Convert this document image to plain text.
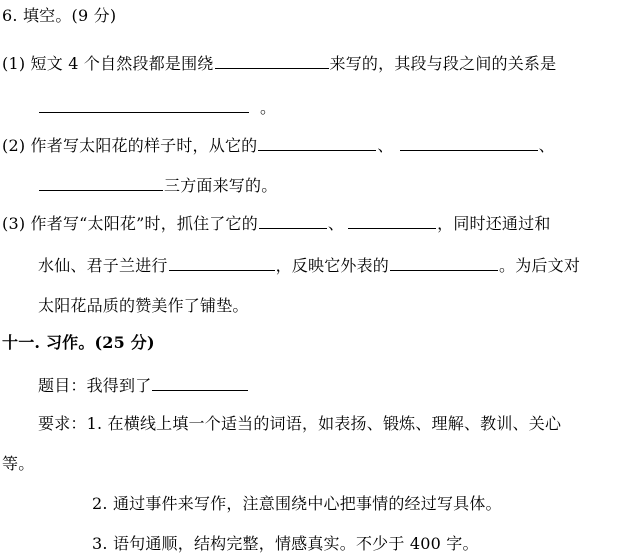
6. 填空。(9 分)
(1) 短文 4 个自然段都是围绕	来写的，其段与段之间的关系是
。
(2) 作者写太阳花的样子时，从它的	、	、
三方面来写的。
(3) 作者写“太阳花”时，抓住了它的	、	，同时还通过和
水仙、君子兰进行	，反映它外表的	。为后文对
太阳花品质的赞美作了铺垫。
十一. 习作。(25 分)
题目：我得到了
要求：1. 在横线上填一个适当的词语，如表扬、锻炼、理解、教训、关心
等。
2. 通过事件来写作，注意围绕中心把事情的经过写具体。
3. 语句通顺，结构完整，情感真实。不少于 400 字。
